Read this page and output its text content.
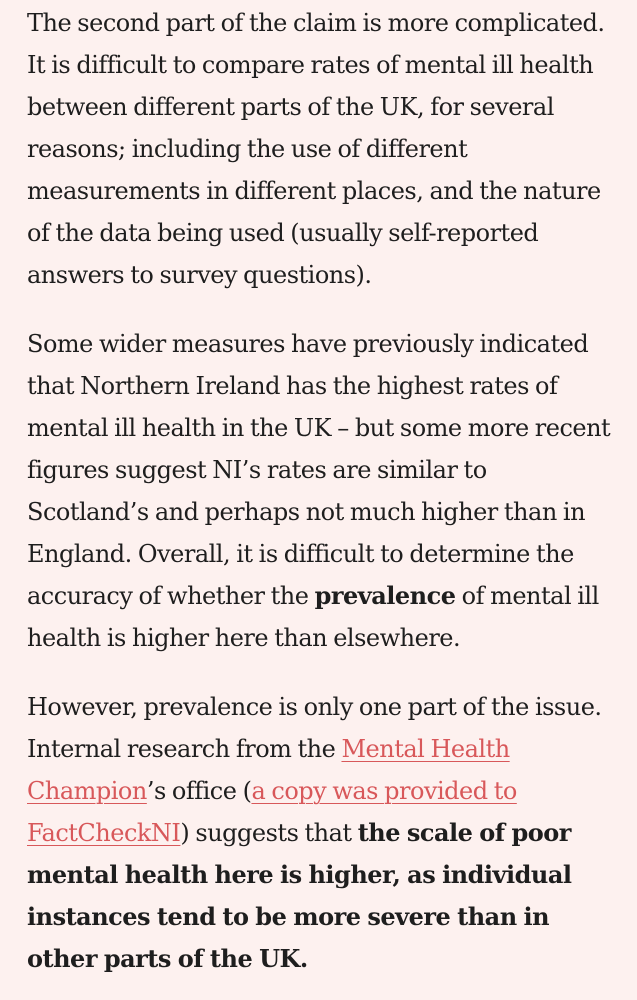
The second part of the claim is more complicated. It is difficult to compare rates of mental ill health between different parts of the UK, for several reasons; including the use of different measurements in different places, and the nature of the data being used (usually self-reported answers to survey questions).

Some wider measures have previously indicated that Northern Ireland has the highest rates of mental ill health in the UK – but some more recent figures suggest NI’s rates are similar to Scotland’s and perhaps not much higher than in England. Overall, it is difficult to determine the accuracy of whether the prevalence of mental ill health is higher here than elsewhere.

However, prevalence is only one part of the issue. Internal research from the Mental Health Champion’s office (a copy was provided to FactCheckNI) suggests that the scale of poor mental health here is higher, as individual instances tend to be more severe than in other parts of the UK.
